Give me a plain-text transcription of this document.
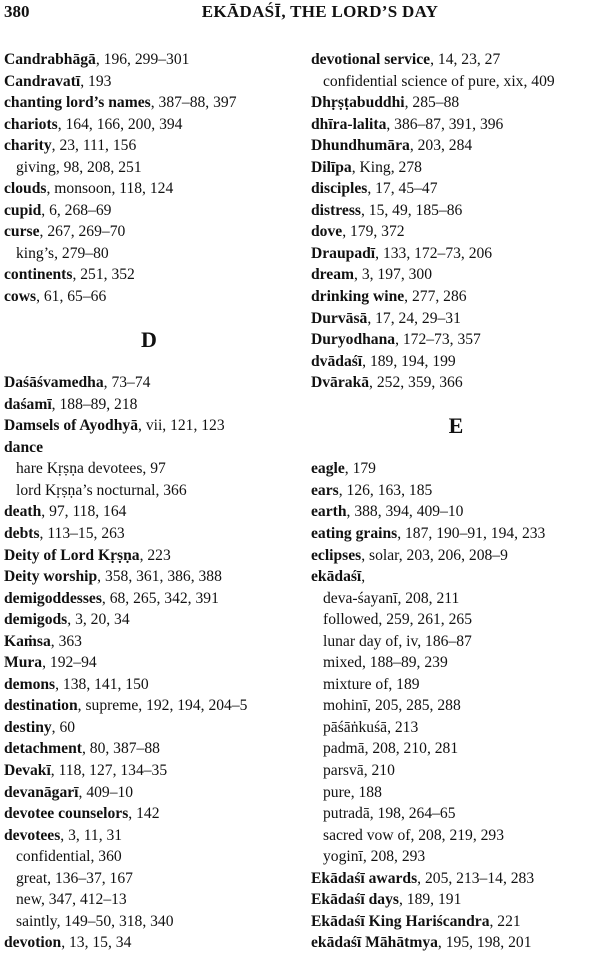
380	EKĀDAŚĪ, THE LORD’S DAY
Candrabhāgā, 196, 299–301
Candravatī, 193
chanting lord’s names, 387–88, 397
chariots, 164, 166, 200, 394
charity, 23, 111, 156
giving, 98, 208, 251
clouds, monsoon, 118, 124
cupid, 6, 268–69
curse, 267, 269–70
king’s, 279–80
continents, 251, 352
cows, 61, 65–66
D
Daśāśvamedha, 73–74
daśamī, 188–89, 218
Damsels of Ayodhyā, vii, 121, 123
dance
hare Kṛṣṇa devotees, 97
lord Kṛṣṇa’s nocturnal, 366
death, 97, 118, 164
debts, 113–15, 263
Deity of Lord Kṛṣṇa, 223
Deity worship, 358, 361, 386, 388
demigoddesses, 68, 265, 342, 391
demigods, 3, 20, 34
Kaṁsa, 363
Mura, 192–94
demons, 138, 141, 150
destination, supreme, 192, 194, 204–5
destiny, 60
detachment, 80, 387–88
Devakī, 118, 127, 134–35
devanāgarī, 409–10
devotee counselors, 142
devotees, 3, 11, 31
confidential, 360
great, 136–37, 167
new, 347, 412–13
saintly, 149–50, 318, 340
devotion, 13, 15, 34
devotional service, 14, 23, 27
confidential science of pure, xix, 409
Dhṛṣṭabuddhi, 285–88
dhīra-lalita, 386–87, 391, 396
Dhundhumāra, 203, 284
Dilīpa, King, 278
disciples, 17, 45–47
distress, 15, 49, 185–86
dove, 179, 372
Draupadī, 133, 172–73, 206
dream, 3, 197, 300
drinking wine, 277, 286
Durvāsā, 17, 24, 29–31
Duryodhana, 172–73, 357
dvādaśī, 189, 194, 199
Dvārakā, 252, 359, 366
E
eagle, 179
ears, 126, 163, 185
earth, 388, 394, 409–10
eating grains, 187, 190–91, 194, 233
eclipses, solar, 203, 206, 208–9
ekādaśī,
deva-śayanī, 208, 211
followed, 259, 261, 265
lunar day of, iv, 186–87
mixed, 188–89, 239
mixture of, 189
mohinī, 205, 285, 288
pāśāṅkuśā, 213
padmā, 208, 210, 281
parsvā, 210
pure, 188
putradā, 198, 264–65
sacred vow of, 208, 219, 293
yoginī, 208, 293
Ekādaśī awards, 205, 213–14, 283
Ekādaśī days, 189, 191
Ekādaśī King Hariścandra, 221
ekādaśī Māhātmya, 195, 198, 201
